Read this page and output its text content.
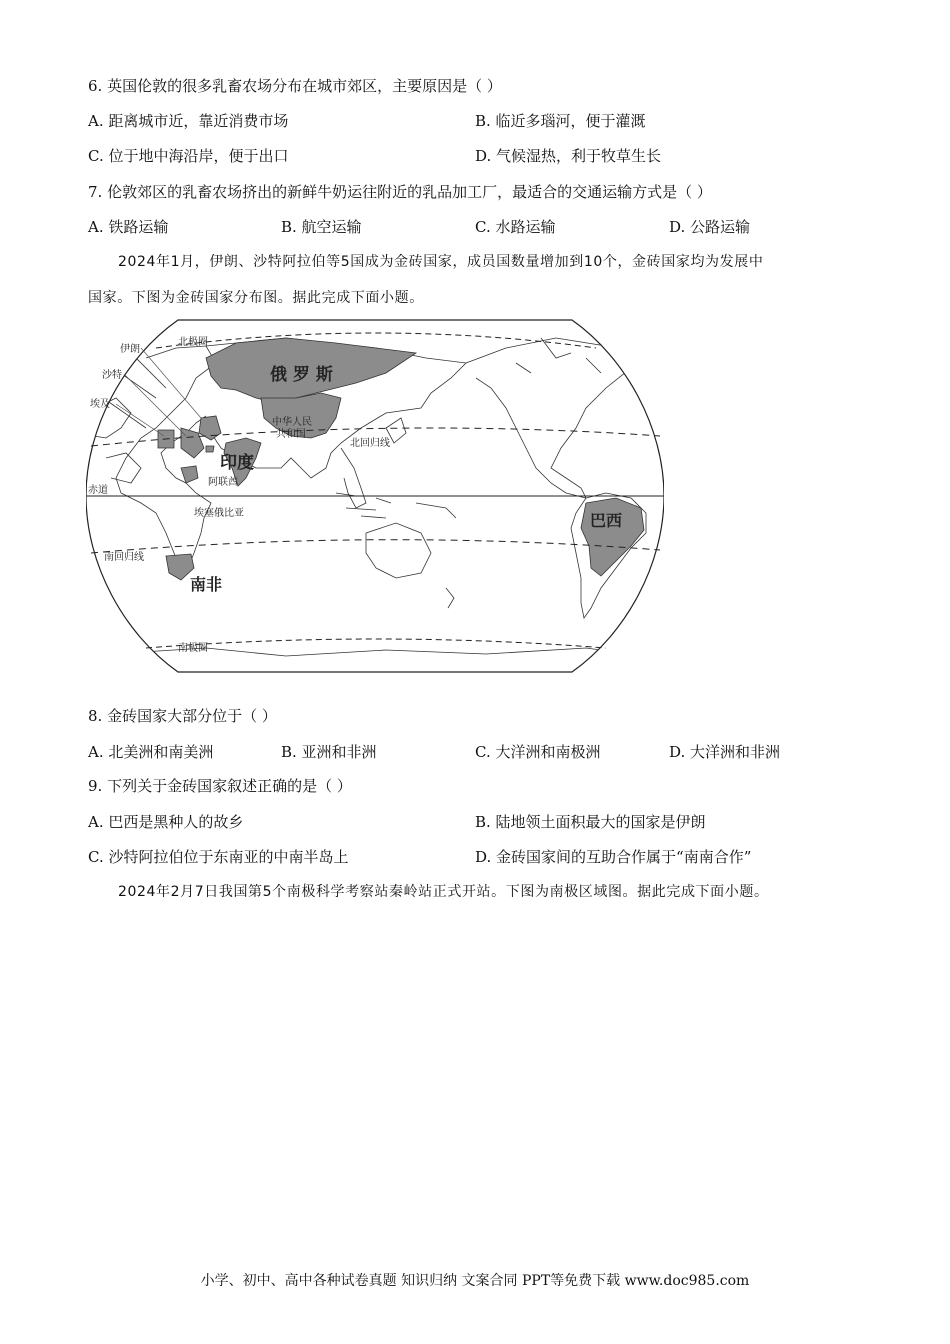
6. 英国伦敦的很多乳畜农场分布在城市郊区，主要原因是（ ）
A. 距离城市近，靠近消费市场	B. 临近多瑙河，便于灌溉
C. 位于地中海沿岸，便于出口	D. 气候湿热，利于牧草生长
7. 伦敦郊区的乳畜农场挤出的新鲜牛奶运往附近的乳品加工厂，最适合的交通运输方式是（ ）
A. 铁路运输	B. 航空运输	C. 水路运输	D. 公路运输
2024年1月，伊朗、沙特阿拉伯等5国成为金砖国家，成员国数量增加到10个，金砖国家均为发展中
国家。下图为金砖国家分布图。据此完成下面小题。
北极圈
伊朗
沙特
埃及
俄 罗 斯
中华人民
共和国
北回归线
印度
阿联酋
赤道
埃塞俄比亚	巴西
南回归线
南非
南极圈
8. 金砖国家大部分位于（ ）
A. 北美洲和南美洲	B. 亚洲和非洲	C. 大洋洲和南极洲	D. 大洋洲和非洲
9. 下列关于金砖国家叙述正确的是（ ）
A. 巴西是黑种人的故乡	B. 陆地领土面积最大的国家是伊朗
C. 沙特阿拉伯位于东南亚的中南半岛上	D. 金砖国家间的互助合作属于“南南合作”
2024年2月7日我国第5个南极科学考察站秦岭站正式开站。下图为南极区域图。据此完成下面小题。
小学、初中、高中各种试卷真题 知识归纳 文案合同 PPT等免费下载 www.doc985.com
